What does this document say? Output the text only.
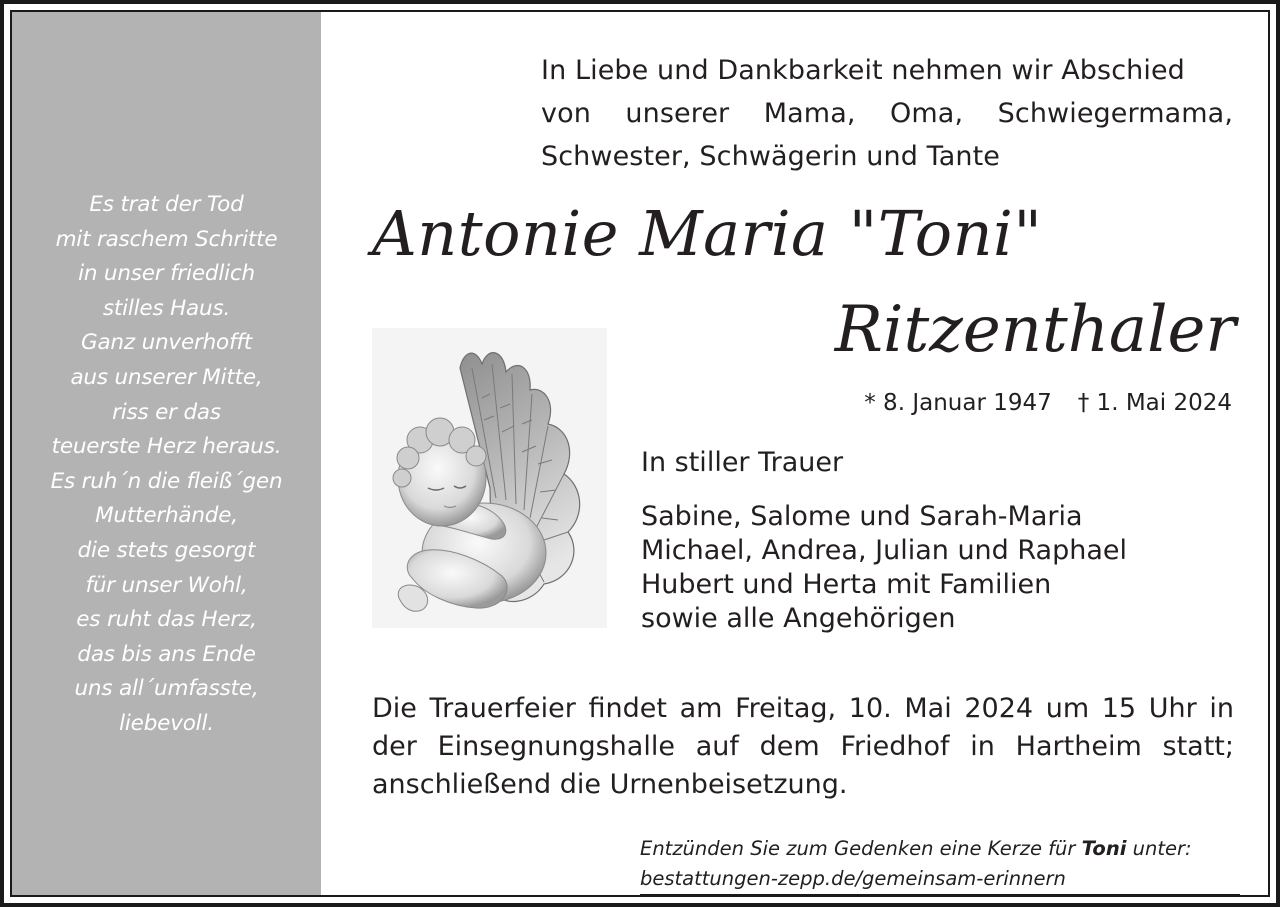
Es trat der Tod
mit raschem Schritte
in unser friedlich
stilles Haus.
Ganz unverhofft
aus unserer Mitte,
riss er das
teuerste Herz heraus.
Es ruh´n die fleiß´gen
Mutterhände,
die stets gesorgt
für unser Wohl,
es ruht das Herz,
das bis ans Ende
uns all´umfasste,
liebevoll.
In Liebe und Dankbarkeit nehmen wir Abschied
von unserer Mama, Oma, Schwiegermama,
Schwester, Schwägerin und Tante
Antonie Maria "Toni"
Ritzenthaler
* 8. Januar 1947 † 1. Mai 2024
In stiller Trauer
Sabine, Salome und Sarah-Maria
Michael, Andrea, Julian und Raphael
Hubert und Herta mit Familien
sowie alle Angehörigen
Die Trauerfeier findet am Freitag, 10. Mai 2024 um 15 Uhr in
der Einsegnungshalle auf dem Friedhof in Hartheim statt;
anschließend die Urnenbeisetzung.
Entzünden Sie zum Gedenken eine Kerze für Toni unter:
bestattungen-zepp.de/gemeinsam-erinnern
